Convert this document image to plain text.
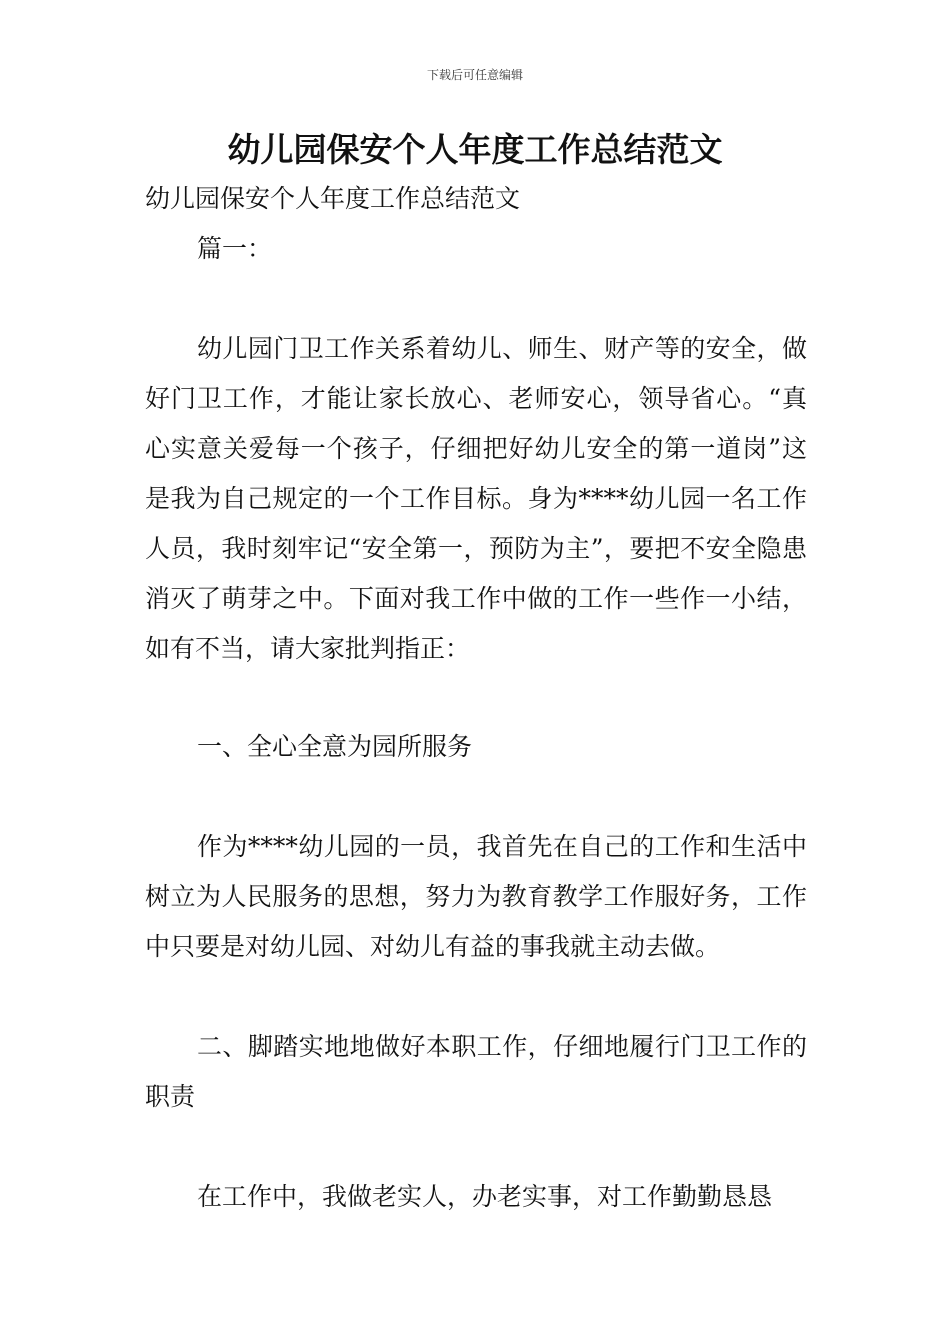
下载后可任意编辑
幼儿园保安个人年度工作总结范文

幼儿园保安个人年度工作总结范文

篇一：

幼儿园门卫工作关系着幼儿、师生、财产等的安全，做好门卫工作，才能让家长放心、老师安心，领导省心。“真心实意关爱每一个孩子，仔细把好幼儿安全的第一道岗”这是我为自己规定的一个工作目标。身为****幼儿园一名工作人员，我时刻牢记“安全第一，预防为主”，要把不安全隐患消灭了萌芽之中。下面对我工作中做的工作一些作一小结，如有不当，请大家批判指正：

一、全心全意为园所服务

作为****幼儿园的一员，我首先在自己的工作和生活中树立为人民服务的思想，努力为教育教学工作服好务，工作中只要是对幼儿园、对幼儿有益的事我就主动去做。

二、脚踏实地地做好本职工作，仔细地履行门卫工作的职责

在工作中，我做老实人，办老实事，对工作勤勤恳恳
